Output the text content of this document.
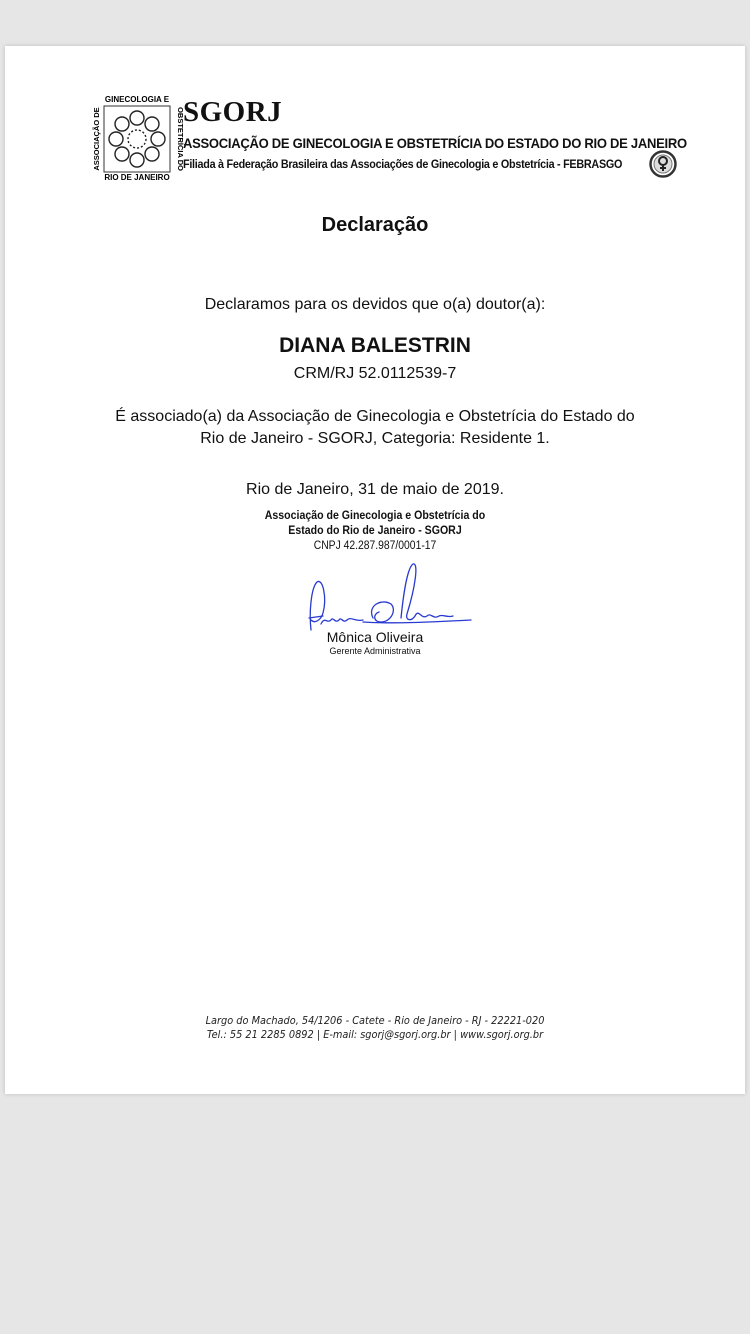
GINECOLOGIA E
RIO DE JANEIRO
OBSTETRÍCIA DO
ASSOCIAÇÃO DE	SGORJ
ASSOCIAÇÃO DE GINECOLOGIA E OBSTETRÍCIA DO ESTADO DO RIO DE JANEIRO
Filiada à Federação Brasileira das Associações de Ginecologia e Obstetrícia - FEBRASGO
Declaração
Declaramos para os devidos que o(a) doutor(a):
DIANA BALESTRIN
CRM/RJ 52.0112539-7
É associado(a) da Associação de Ginecologia e Obstetrícia do Estado do
Rio de Janeiro - SGORJ, Categoria: Residente 1.
Rio de Janeiro, 31 de maio de 2019.
Associação de Ginecologia e Obstetrícia do
Estado do Rio de Janeiro - SGORJ
CNPJ 42.287.987/0001-17
Mônica Oliveira
Gerente Administrativa
Largo do Machado, 54/1206 - Catete - Rio de Janeiro - RJ - 22221-020
Tel.: 55 21 2285 0892 | E-mail: sgorj@sgorj.org.br | www.sgorj.org.br
